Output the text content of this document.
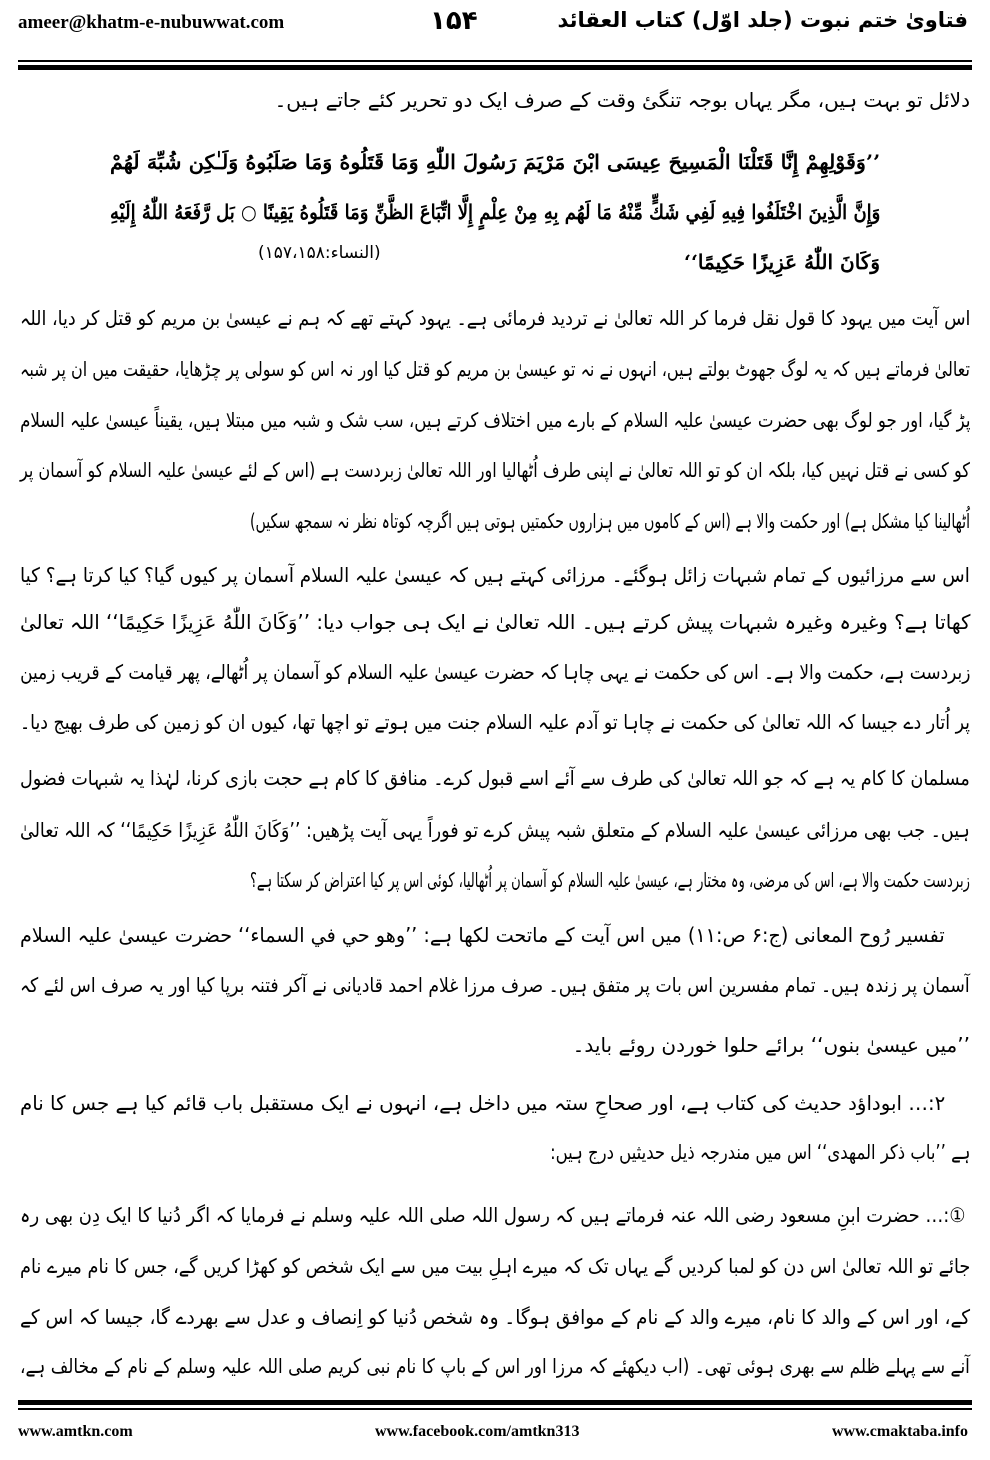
فتاویٰ ختم نبوت (جلد اوّل) کتاب العقائد
۱۵۴
ameer@khatm-e-nubuwwat.com
دلائل تو بہت ہیں، مگر یہاں بوجہ تنگیٔ وقت کے صرف ایک دو تحریر کئے جاتے ہیں۔
’’وَقَوْلِهِمْ إِنَّا قَتَلْنَا الْمَسِيحَ عِيسَى ابْنَ مَرْيَمَ رَسُولَ اللّٰهِ وَمَا قَتَلُوهُ وَمَا صَلَبُوهُ وَلَـٰكِن شُبِّهَ لَهُمْ
وَإِنَّ الَّذِينَ اخْتَلَفُوا فِيهِ لَفِي شَكٍّ مِّنْهُ مَا لَهُم بِهِ مِنْ عِلْمٍ إِلَّا اتِّبَاعَ الظَّنِّ وَمَا قَتَلُوهُ يَقِينًا ○ بَل رَّفَعَهُ اللّٰهُ إِلَيْهِ
وَكَانَ اللّٰهُ عَزِيزًا حَكِيمًا‘‘
(النساء:۱۵۷،۱۵۸)
اس آیت میں یہود کا قول نقل فرما کر اللہ تعالیٰ نے تردید فرمائی ہے۔ یہود کہتے تھے کہ ہم نے عیسیٰ بن مریم کو قتل کر دیا، اللہ
تعالیٰ فرماتے ہیں کہ یہ لوگ جھوٹ بولتے ہیں، انہوں نے نہ تو عیسیٰ بن مریم کو قتل کیا اور نہ اس کو سولی پر چڑھایا، حقیقت میں ان پر شبہ
پڑ گیا، اور جو لوگ بھی حضرت عیسیٰ علیہ السلام کے بارے میں اختلاف کرتے ہیں، سب شک و شبہ میں مبتلا ہیں، یقیناً عیسیٰ علیہ السلام
کو کسی نے قتل نہیں کیا، بلکہ ان کو تو اللہ تعالیٰ نے اپنی طرف اُٹھالیا اور اللہ تعالیٰ زبردست ہے (اس کے لئے عیسیٰ علیہ السلام کو آسمان پر
اُٹھالینا کیا مشکل ہے) اور حکمت والا ہے (اس کے کاموں میں ہزاروں حکمتیں ہوتی ہیں اگرچہ کوتاہ نظر نہ سمجھ سکیں)
اس سے مرزائیوں کے تمام شبہات زائل ہوگئے۔ مرزائی کہتے ہیں کہ عیسیٰ علیہ السلام آسمان پر کیوں گیا؟ کیا کرتا ہے؟ کیا
کھاتا ہے؟ وغیرہ وغیرہ شبہات پیش کرتے ہیں۔ اللہ تعالیٰ نے ایک ہی جواب دیا: ’’وَكَانَ اللّٰهُ عَزِيزًا حَكِيمًا‘‘ اللہ تعالیٰ
زبردست ہے، حکمت والا ہے۔ اس کی حکمت نے یہی چاہا کہ حضرت عیسیٰ علیہ السلام کو آسمان پر اُٹھالے، پھر قیامت کے قریب زمین
پر اُتار دے جیسا کہ اللہ تعالیٰ کی حکمت نے چاہا تو آدم علیہ السلام جنت میں ہوتے تو اچھا تھا، کیوں ان کو زمین کی طرف بھیج دیا۔
مسلمان کا کام یہ ہے کہ جو اللہ تعالیٰ کی طرف سے آئے اسے قبول کرے۔ منافق کا کام ہے حجت بازی کرنا، لہٰذا یہ شبہات فضول
ہیں۔ جب بھی مرزائی عیسیٰ علیہ السلام کے متعلق شبہ پیش کرے تو فوراً یہی آیت پڑھیں: ’’وَكَانَ اللّٰهُ عَزِيزًا حَكِيمًا‘‘ کہ اللہ تعالیٰ
زبردست حکمت والا ہے، اس کی مرضی، وہ مختار ہے، عیسیٰ علیہ السلام کو آسمان پر اُٹھالیا، کوئی اس پر کیا اعتراض کر سکتا ہے؟
تفسیر رُوح المعانی (ج:۶ ص:۱۱) میں اس آیت کے ماتحت لکھا ہے: ’’وهو حي في السماء‘‘ حضرت عیسیٰ علیہ السلام
آسمان پر زندہ ہیں۔ تمام مفسرین اس بات پر متفق ہیں۔ صرف مرزا غلام احمد قادیانی نے آکر فتنہ برپا کیا اور یہ صرف اس لئے کہ
’’میں عیسیٰ بنوں‘‘ برائے حلوا خوردن روئے باید۔
۲:… ابوداؤد حدیث کی کتاب ہے، اور صحاحِ ستہ میں داخل ہے، انہوں نے ایک مستقبل باب قائم کیا ہے جس کا نام
ہے ’’باب ذکر المهدی‘‘ اس میں مندرجہ ذیل حدیثیں درج ہیں:
①:… حضرت ابنِ مسعود رضی اللہ عنہ فرماتے ہیں کہ رسول اللہ صلی اللہ علیہ وسلم نے فرمایا کہ اگر دُنیا کا ایک دِن بھی رہ
جائے تو اللہ تعالیٰ اس دن کو لمبا کردیں گے یہاں تک کہ میرے اہلِ بیت میں سے ایک شخص کو کھڑا کریں گے، جس کا نام میرے نام
کے، اور اس کے والد کا نام، میرے والد کے نام کے موافق ہوگا۔ وہ شخص دُنیا کو اِنصاف و عدل سے بھردے گا، جیسا کہ اس کے
آنے سے پہلے ظلم سے بھری ہوئی تھی۔ (اب دیکھئے کہ مرزا اور اس کے باپ کا نام نبی کریم صلی اللہ علیہ وسلم کے نام کے مخالف ہے،
www.amtkn.com	www.facebook.com/amtkn313	www.cmaktaba.info
